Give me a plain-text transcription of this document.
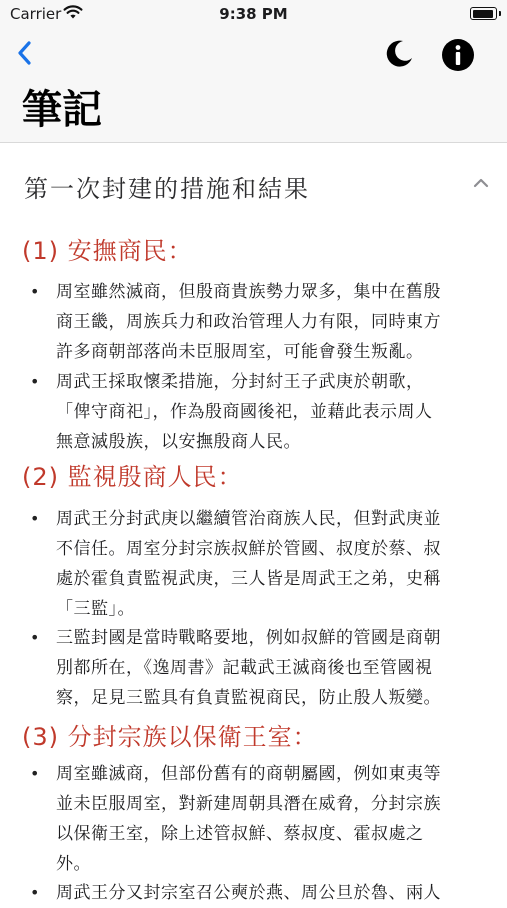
Carrier	9:38 PM
筆記
第一次封建的措施和結果
(1) 安撫商民：
• 周室雖然滅商，但殷商貴族勢力眾多，集中在舊殷
商王畿，周族兵力和政治管理人力有限，同時東方
許多商朝部落尚未臣服周室，可能會發生叛亂。
• 周武王採取懷柔措施，分封紂王子武庚於朝歌，
「俾守商祀」，作為殷商國後祀，並藉此表示周人
無意滅殷族，以安撫殷商人民。
(2) 監視殷商人民：
• 周武王分封武庚以繼續管治商族人民，但對武庚並
不信任。周室分封宗族叔鮮於管國、叔度於蔡、叔
處於霍負責監視武庚，三人皆是周武王之弟，史稱
「三監」。
• 三監封國是當時戰略要地，例如叔鮮的管國是商朝
別都所在，《逸周書》記載武王滅商後也至管國視
察，足見三監具有負責監視商民，防止殷人叛變。
(3) 分封宗族以保衛王室：
• 周室雖滅商，但部份舊有的商朝屬國，例如東夷等
並未臣服周室，對新建周朝具潛在威脅，分封宗族
以保衛王室，除上述管叔鮮、蔡叔度、霍叔處之
外。
• 周武王分又封宗室召公奭於燕、周公旦於魯、兩人
